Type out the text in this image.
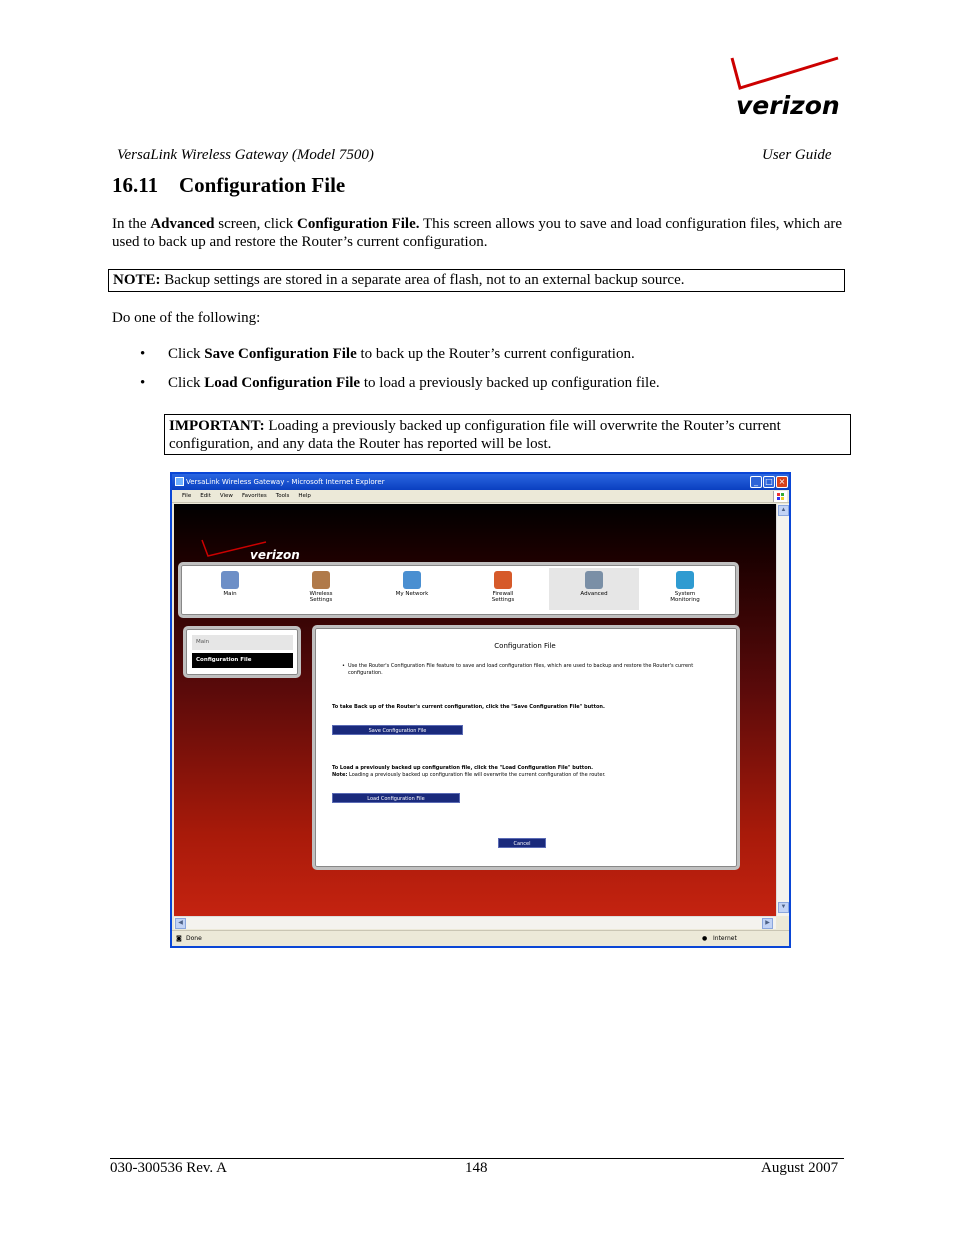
verizon
VersaLink Wireless Gateway (Model 7500)	User Guide
16.11 Configuration File
In the Advanced screen, click Configuration File. This screen allows you to save and load configuration files, which are used to back up and restore the Router’s current configuration.
NOTE: Backup settings are stored in a separate area of flash, not to an external backup source.
Do one of the following:
• Click Save Configuration File to back up the Router’s current configuration.
• Click Load Configuration File to load a previously backed up configuration file.
IMPORTANT: Loading a previously backed up configuration file will overwrite the Router’s current configuration, and any data the Router has reported will be lost.
VersaLink Wireless Gateway - Microsoft Internet Explorer	_ □ ×
File Edit View Favorites Tools Help
verizon
Main	Wireless Settings
My Network	Firewall Settings
Advanced	System Monitoring
Main
Configuration File
Configuration File
• Use the Router's Configuration File feature to save and load configuration files, which are used to backup and restore the Router's current configuration.
To take Back up of the Router's current configuration, click the "Save Configuration File" button.
Save Configuration File
To Load a previously backed up configuration file, click the "Load Configuration File" button.
Note: Loading a previously backed up configuration file will overwrite the current configuration of the router.
Load Configuration File
Cancel
▲
▼
◀	▶
◙ Done	● Internet
030-300536 Rev. A	148	August 2007
